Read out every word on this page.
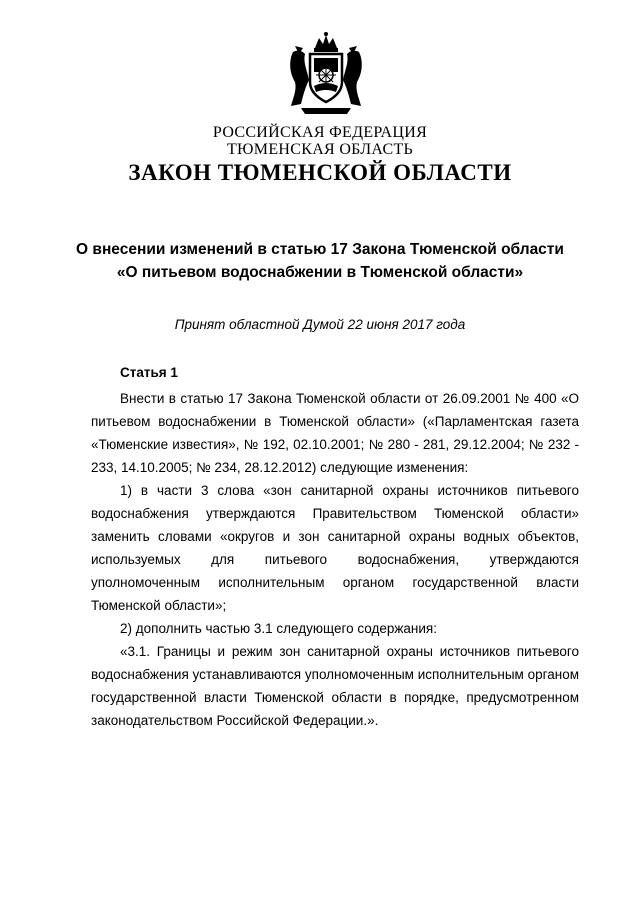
РОССИЙСКАЯ ФЕДЕРАЦИЯ

ТЮМЕНСКАЯ ОБЛАСТЬ

ЗАКОН ТЮМЕНСКОЙ ОБЛАСТИ

О внесении изменений в статью 17 Закона Тюменской области
«О питьевом водоснабжении в Тюменской области»

Принят областной Думой 22 июня 2017 года

Статья 1

Внести в статью 17 Закона Тюменской области от 26.09.2001 № 400 «О питьевом водоснабжении в Тюменской области» («Парламентская газета «Тюменские известия», № 192, 02.10.2001; № 280 - 281, 29.12.2004; № 232 - 233, 14.10.2005; № 234, 28.12.2012) следующие изменения:

1) в части 3 слова «зон санитарной охраны источников питьевого водоснабжения утверждаются Правительством Тюменской области» заменить словами «округов и зон санитарной охраны водных объектов, используемых для питьевого водоснабжения, утверждаются уполномоченным исполнительным органом государственной власти Тюменской области»;

2) дополнить частью 3.1 следующего содержания:

«3.1. Границы и режим зон санитарной охраны источников питьевого водоснабжения устанавливаются уполномоченным исполнительным органом государственной власти Тюменской области в порядке, предусмотренном законодательством Российской Федерации.».
